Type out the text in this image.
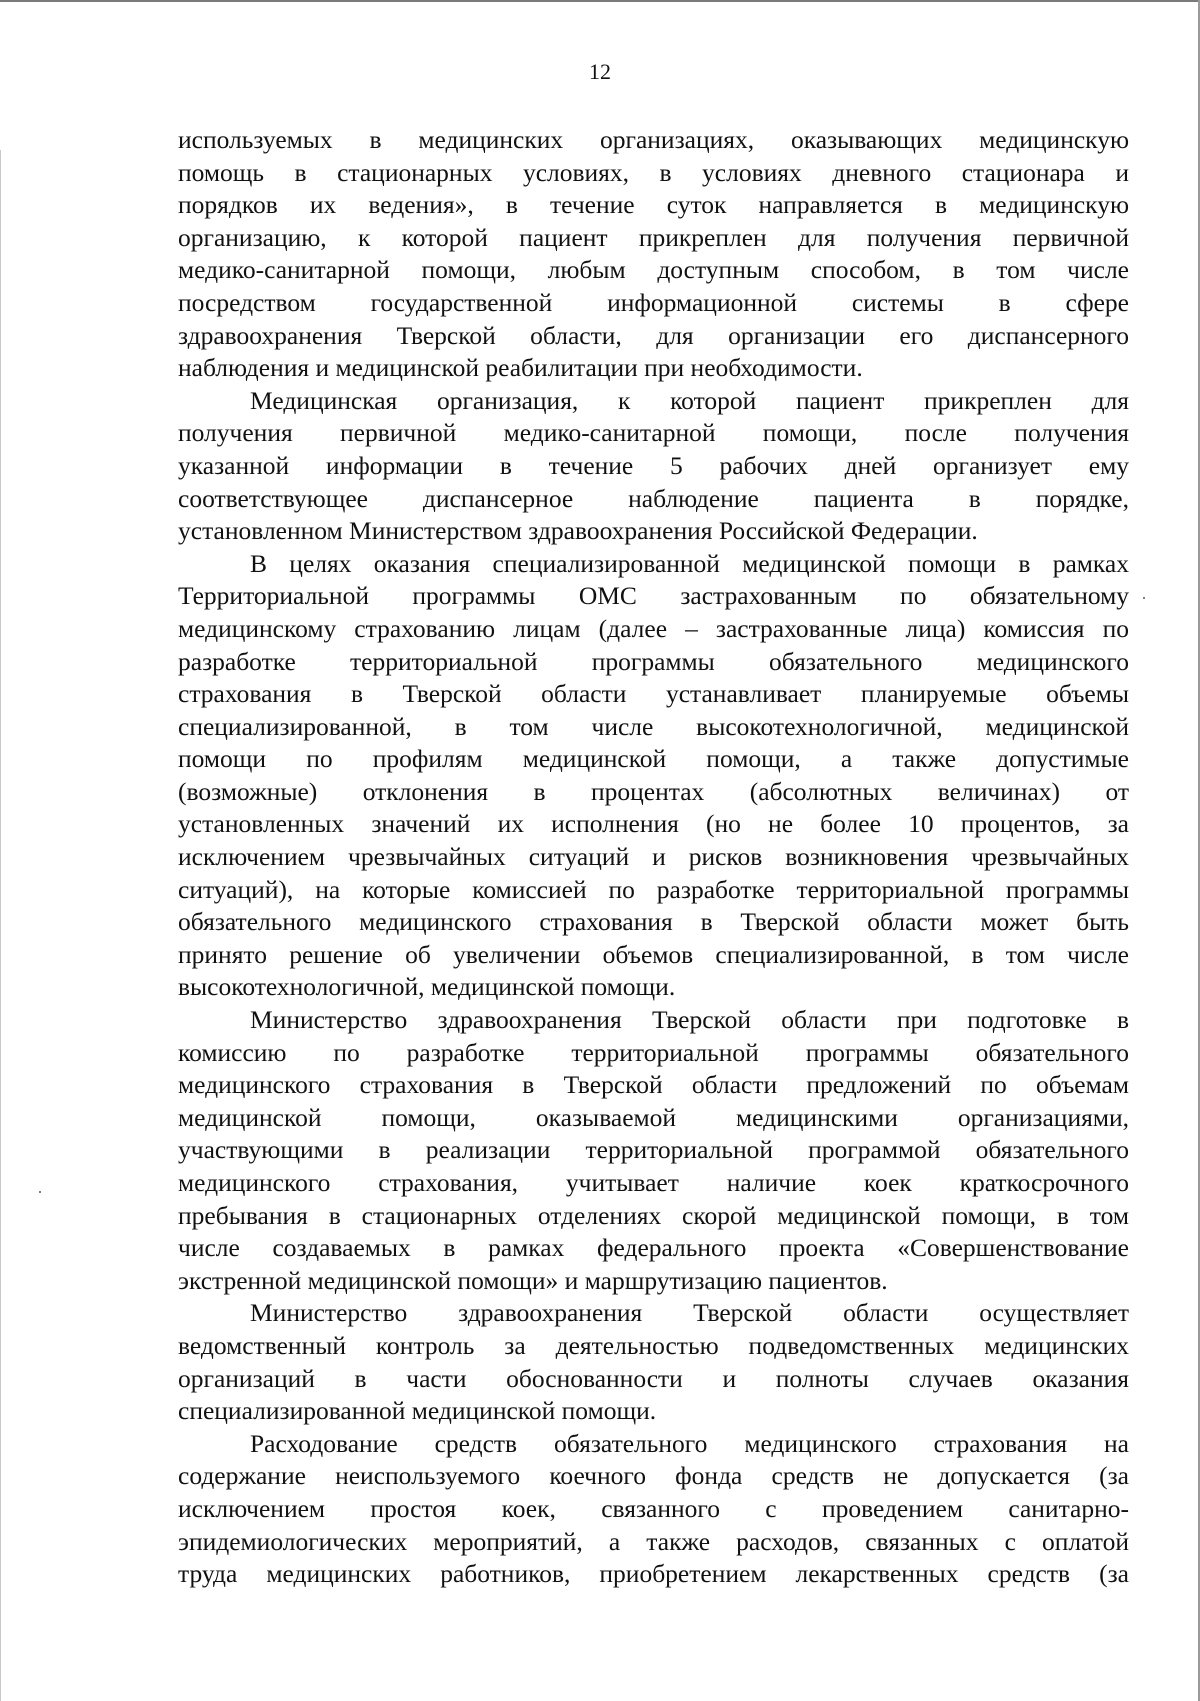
12
используемых в медицинских организациях, оказывающих медицинскую
помощь в стационарных условиях, в условиях дневного стационара и
порядков их ведения», в течение суток направляется в медицинскую
организацию, к которой пациент прикреплен для получения первичной
медико-санитарной помощи, любым доступным способом, в том числе
посредством государственной информационной системы в сфере
здравоохранения Тверской области, для организации его диспансерного
наблюдения и медицинской реабилитации при необходимости.
Медицинская организация, к которой пациент прикреплен для
получения первичной медико-санитарной помощи, после получения
указанной информации в течение 5 рабочих дней организует ему
соответствующее диспансерное наблюдение пациента в порядке,
установленном Министерством здравоохранения Российской Федерации.
В целях оказания специализированной медицинской помощи в рамках
Территориальной программы ОМС застрахованным по обязательному
медицинскому страхованию лицам (далее – застрахованные лица) комиссия по
разработке территориальной программы обязательного медицинского
страхования в Тверской области устанавливает планируемые объемы
специализированной, в том числе высокотехнологичной, медицинской
помощи по профилям медицинской помощи, а также допустимые
(возможные) отклонения в процентах (абсолютных величинах) от
установленных значений их исполнения (но не более 10 процентов, за
исключением чрезвычайных ситуаций и рисков возникновения чрезвычайных
ситуаций), на которые комиссией по разработке территориальной программы
обязательного медицинского страхования в Тверской области может быть
принято решение об увеличении объемов специализированной, в том числе
высокотехнологичной, медицинской помощи.
Министерство здравоохранения Тверской области при подготовке в
комиссию по разработке территориальной программы обязательного
медицинского страхования в Тверской области предложений по объемам
медицинской помощи, оказываемой медицинскими организациями,
участвующими в реализации территориальной программой обязательного
медицинского страхования, учитывает наличие коек краткосрочного
пребывания в стационарных отделениях скорой медицинской помощи, в том
числе создаваемых в рамках федерального проекта «Совершенствование
экстренной медицинской помощи» и маршрутизацию пациентов.
Министерство здравоохранения Тверской области осуществляет
ведомственный контроль за деятельностью подведомственных медицинских
организаций в части обоснованности и полноты случаев оказания
специализированной медицинской помощи.
Расходование средств обязательного медицинского страхования на
содержание неиспользуемого коечного фонда средств не допускается (за
исключением простоя коек, связанного с проведением санитарно-
эпидемиологических мероприятий, а также расходов, связанных с оплатой
труда медицинских работников, приобретением лекарственных средств (за
